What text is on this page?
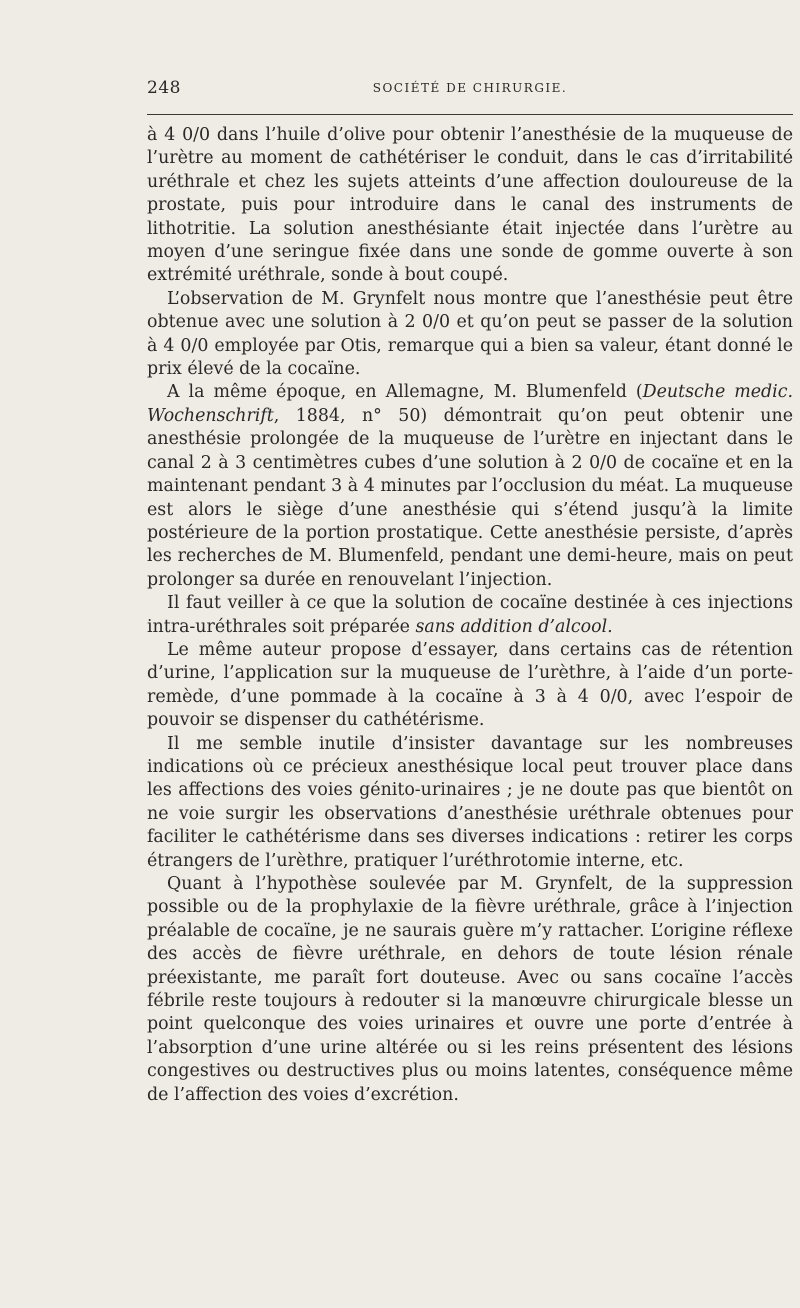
248	SOCIÉTÉ DE CHIRURGIE.

à 4 0/0 dans l’huile d’olive pour obtenir l’anesthésie de la muqueuse de l’urètre au moment de cathétériser le conduit, dans le cas d’irritabilité uréthrale et chez les sujets atteints d’une affection douloureuse de la prostate, puis pour introduire dans le canal des instruments de lithotritie. La solution anesthésiante était injectée dans l’urètre au moyen d’une seringue fixée dans une sonde de gomme ouverte à son extrémité uréthrale, sonde à bout coupé.

L’observation de M. Grynfelt nous montre que l’anesthésie peut être obtenue avec une solution à 2 0/0 et qu’on peut se passer de la solution à 4 0/0 employée par Otis, remarque qui a bien sa valeur, étant donné le prix élevé de la cocaïne.

A la même époque, en Allemagne, M. Blumenfeld (Deutsche medic. Wochenschrift, 1884, n° 50) démontrait qu’on peut obtenir une anesthésie prolongée de la muqueuse de l’urètre en injectant dans le canal 2 à 3 centimètres cubes d’une solution à 2 0/0 de cocaïne et en la maintenant pendant 3 à 4 minutes par l’occlusion du méat. La muqueuse est alors le siège d’une anesthésie qui s’étend jusqu’à la limite postérieure de la portion prostatique. Cette anesthésie persiste, d’après les recherches de M. Blumenfeld, pendant une demi-heure, mais on peut prolonger sa durée en renouvelant l’injection.

Il faut veiller à ce que la solution de cocaïne destinée à ces injections intra-uréthrales soit préparée sans addition d’alcool.

Le même auteur propose d’essayer, dans certains cas de rétention d’urine, l’application sur la muqueuse de l’urèthre, à l’aide d’un porte-remède, d’une pommade à la cocaïne à 3 à 4 0/0, avec l’espoir de pouvoir se dispenser du cathétérisme.

Il me semble inutile d’insister davantage sur les nombreuses indications où ce précieux anesthésique local peut trouver place dans les affections des voies génito-urinaires ; je ne doute pas que bientôt on ne voie surgir les observations d’anesthésie uréthrale obtenues pour faciliter le cathétérisme dans ses diverses indications : retirer les corps étrangers de l’urèthre, pratiquer l’uréthrotomie interne, etc.

Quant à l’hypothèse soulevée par M. Grynfelt, de la suppression possible ou de la prophylaxie de la fièvre uréthrale, grâce à l’injection préalable de cocaïne, je ne saurais guère m’y rattacher. L’origine réflexe des accès de fièvre uréthrale, en dehors de toute lésion rénale préexistante, me paraît fort douteuse. Avec ou sans cocaïne l’accès fébrile reste toujours à redouter si la manœuvre chirurgicale blesse un point quelconque des voies urinaires et ouvre une porte d’entrée à l’absorption d’une urine altérée ou si les reins présentent des lésions congestives ou destructives plus ou moins latentes, conséquence même de l’affection des voies d’excrétion.
